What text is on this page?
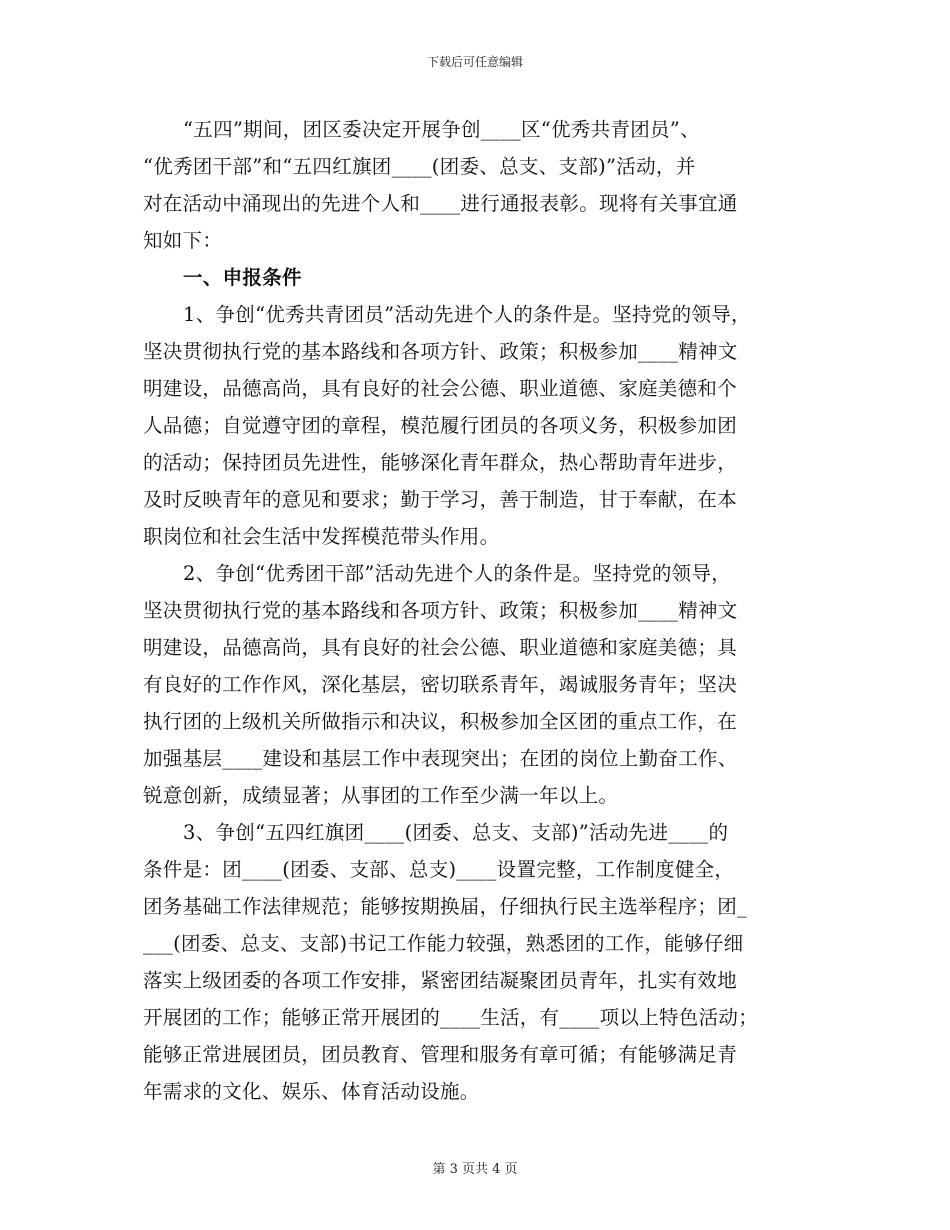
下载后可任意编辑
“五四”期间，团区委决定开展争创____区“优秀共青团员”、
“优秀团干部”和“五四红旗团____(团委、总支、支部)”活动，并
对在活动中涌现出的先进个人和____进行通报表彰。现将有关事宜通
知如下：
一、申报条件
1、争创“优秀共青团员”活动先进个人的条件是。坚持党的领导，
坚决贯彻执行党的基本路线和各项方针、政策；积极参加____精神文
明建设，品德高尚，具有良好的社会公德、职业道德、家庭美德和个
人品德；自觉遵守团的章程，模范履行团员的各项义务，积极参加团
的活动；保持团员先进性，能够深化青年群众，热心帮助青年进步，
及时反映青年的意见和要求；勤于学习，善于制造，甘于奉献，在本
职岗位和社会生活中发挥模范带头作用。
2、争创“优秀团干部”活动先进个人的条件是。坚持党的领导，
坚决贯彻执行党的基本路线和各项方针、政策；积极参加____精神文
明建设，品德高尚，具有良好的社会公德、职业道德和家庭美德；具
有良好的工作作风，深化基层，密切联系青年，竭诚服务青年；坚决
执行团的上级机关所做指示和决议，积极参加全区团的重点工作，在
加强基层____建设和基层工作中表现突出；在团的岗位上勤奋工作、
锐意创新，成绩显著；从事团的工作至少满一年以上。
3、争创“五四红旗团____(团委、总支、支部)”活动先进____的
条件是：团____(团委、支部、总支)____设置完整，工作制度健全，
团务基础工作法律规范；能够按期换届，仔细执行民主选举程序；团_
___(团委、总支、支部)书记工作能力较强，熟悉团的工作，能够仔细
落实上级团委的各项工作安排，紧密团结凝聚团员青年，扎实有效地
开展团的工作；能够正常开展团的____生活，有____项以上特色活动；
能够正常进展团员，团员教育、管理和服务有章可循；有能够满足青
年需求的文化、娱乐、体育活动设施。
第 3 页共 4 页
